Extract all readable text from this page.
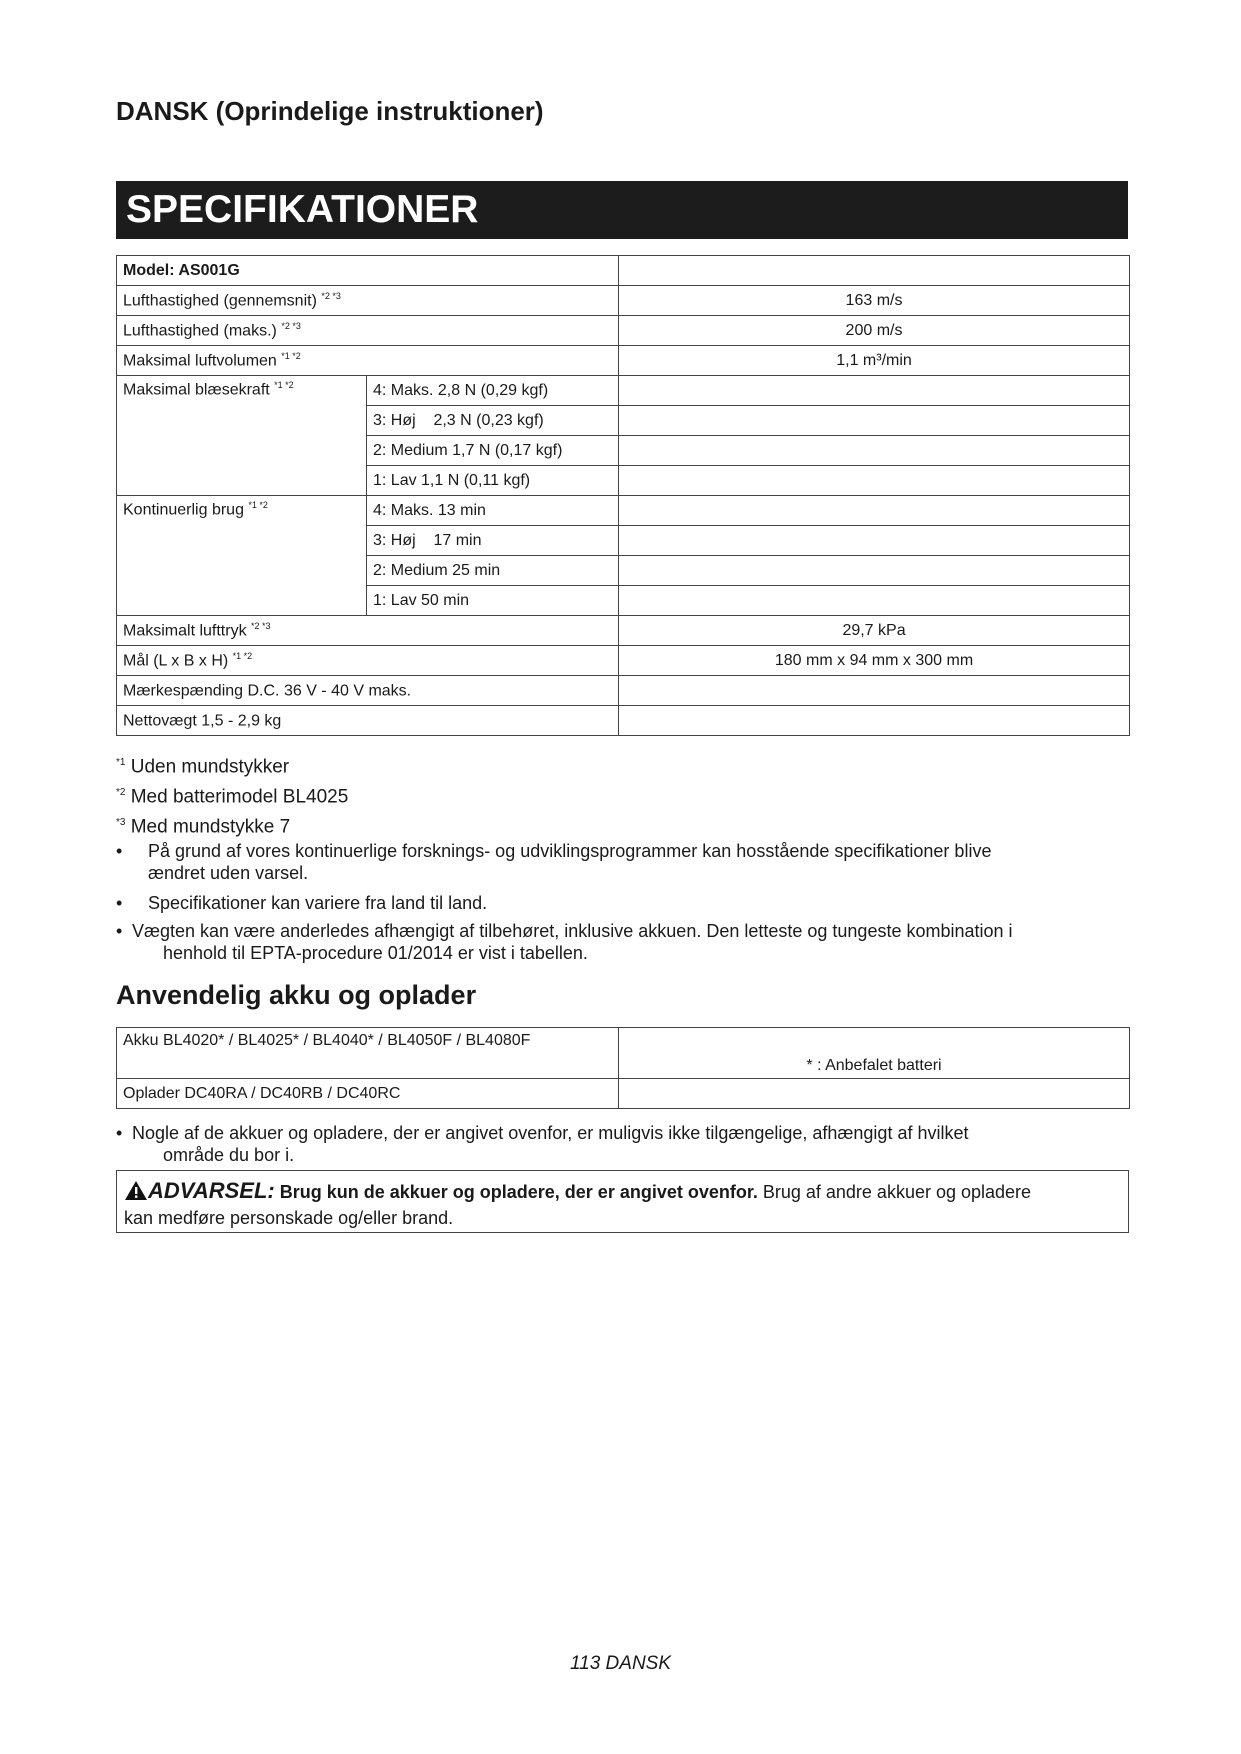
DANSK (Oprindelige instruktioner)
SPECIFIKATIONER
Model: AS001G		
Lufthastighed (gennemsnit) $^{*2 *3}$		163 m/s
Lufthastighed (maks.) $^{*2 *3}$		200 m/s
Maksimal luftvolumen $^{*1 *2}$		1,1 m³/min
Maksimal blæsekraft $^{*1 *2}$	4: Maks. 2,8 N (0,29 kgf)	
	3: Høj    2,3 N (0,23 kgf)	
	2: Medium 1,7 N (0,17 kgf)	
	1: Lav 1,1 N (0,11 kgf)	
Kontinuerlig brug $^{*1 *2}$	4: Maks. 13 min	
	3: Høj    17 min	
	2: Medium 25 min	
	1: Lav 50 min	
Maksimalt lufttryk $^{*2 *3}$		29,7 kPa
Mål (L x B x H) $^{*1 *2}$		180 mm x 94 mm x 300 mm
Mærkespænding D.C. 36 V - 40 V maks.		
Nettovægt 1,5 - 2,9 kg		
$^{*1}$ Uden mundstykker
$^{*2}$ Med batterimodel BL4025
$^{*3}$ Med mundstykke 7
•	På grund af vores kontinuerlige forsknings- og udviklingsprogrammer kan hosstående specifikationer blive
ændret uden varsel.
•	Specifikationer kan variere fra land til land.
• Vægten kan være anderledes afhængigt af tilbehøret, inklusive akkuen. Den letteste og tungeste kombination i
henhold til EPTA-procedure 01/2014 er vist i tabellen.
Anvendelig akku og oplader
Akku BL4020* / BL4025* / BL4040* / BL4050F / BL4080F	* : Anbefalet batteri
Oplader DC40RA / DC40RB / DC40RC	
• Nogle af de akkuer og opladere, der er angivet ovenfor, er muligvis ikke tilgængelige, afhængigt af hvilket
område du bor i.
ADVARSEL: Brug kun de akkuer og opladere, der er angivet ovenfor. Brug af andre akkuer og opladere
kan medføre personskade og/eller brand.
113 DANSK
